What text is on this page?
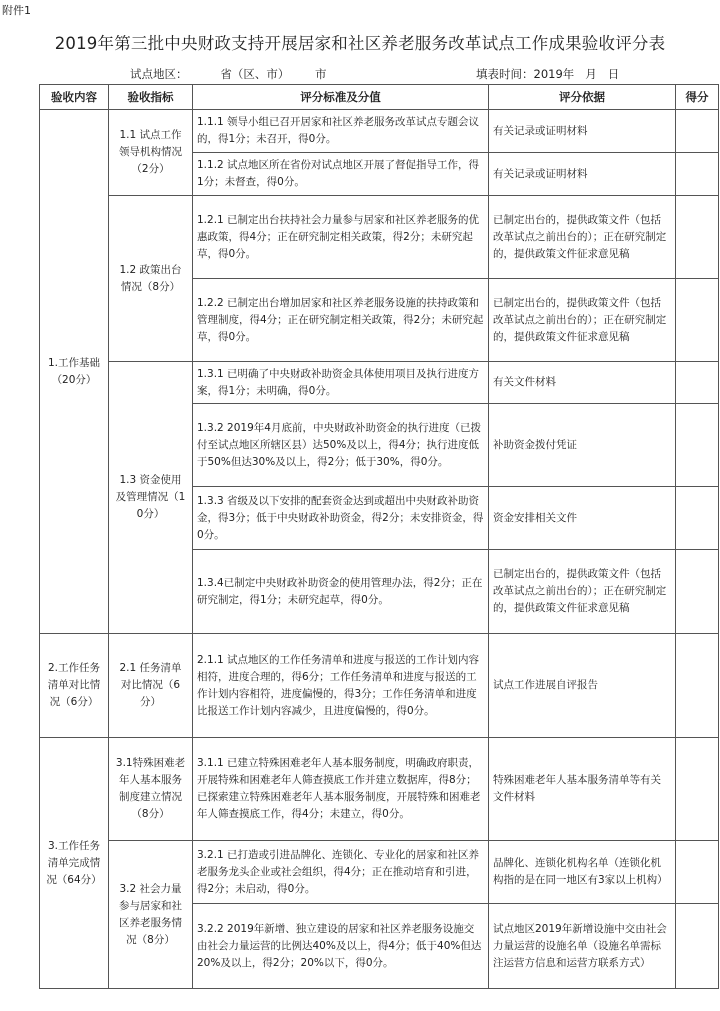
附件1
2019年第三批中央财政支持开展居家和社区养老服务改革试点工作成果验收评分表
试点地区：	省（区、市） 市	填表时间：2019年 月 日
验收内容	验收指标	评分标准及分值	评分依据	得分
1.工作基础（20分）	1.1 试点工作领导机构情况（2分）	1.1.1 领导小组已召开居家和社区养老服务改革试点专题会议的，得1分；未召开，得0分。	有关记录或证明材料	
		1.1.2 试点地区所在省份对试点地区开展了督促指导工作，得1分；未督查，得0分。	有关记录或证明材料	
	1.2 政策出台情况（8分）	1.2.1 已制定出台扶持社会力量参与居家和社区养老服务的优惠政策，得4分；正在研究制定相关政策，得2分；未研究起草，得0分。	已制定出台的，提供政策文件（包括改革试点之前出台的）；正在研究制定的，提供政策文件征求意见稿	
		1.2.2 已制定出台增加居家和社区养老服务设施的扶持政策和管理制度，得4分；正在研究制定相关政策，得2分；未研究起草，得0分。	已制定出台的，提供政策文件（包括改革试点之前出台的）；正在研究制定的，提供政策文件征求意见稿	
	1.3 资金使用及管理情况（10分）	1.3.1 已明确了中央财政补助资金具体使用项目及执行进度方案，得1分；未明确，得0分。	有关文件材料	
		1.3.2 2019年4月底前，中央财政补助资金的执行进度（已拨付至试点地区所辖区县）达50%及以上，得4分；执行进度低于50%但达30%及以上，得2分；低于30%，得0分。	补助资金拨付凭证	
		1.3.3 省级及以下安排的配套资金达到或超出中央财政补助资金，得3分；低于中央财政补助资金，得2分；未安排资金，得0分。	资金安排相关文件	
		1.3.4已制定中央财政补助资金的使用管理办法，得2分；正在研究制定，得1分；未研究起草，得0分。	已制定出台的，提供政策文件（包括改革试点之前出台的）；正在研究制定的，提供政策文件征求意见稿	
2.工作任务清单对比情况（6分）	2.1 任务清单对比情况（6分）	2.1.1 试点地区的工作任务清单和进度与报送的工作计划内容相符，进度合理的，得6分；工作任务清单和进度与报送的工作计划内容相符，进度偏慢的，得3分；工作任务清单和进度比报送工作计划内容减少，且进度偏慢的，得0分。	试点工作进展自评报告	
3.工作任务清单完成情况（64分）	3.1特殊困难老年人基本服务制度建立情况（8分）	3.1.1 已建立特殊困难老年人基本服务制度，明确政府职责，开展特殊和困难老年人筛查摸底工作并建立数据库，得8分；已探索建立特殊困难老年人基本服务制度，开展特殊和困难老年人筛查摸底工作，得4分；未建立，得0分。	特殊困难老年人基本服务清单等有关文件材料	
	3.2 社会力量参与居家和社区养老服务情况（8分）	3.2.1 已打造或引进品牌化、连锁化、专业化的居家和社区养老服务龙头企业或社会组织，得4分；正在推动培育和引进，得2分；未启动，得0分。	品牌化、连锁化机构名单（连锁化机构指的是在同一地区有3家以上机构）	
		3.2.2 2019年新增、独立建设的居家和社区养老服务设施交由社会力量运营的比例达40%及以上，得4分；低于40%但达20%及以上，得2分；20%以下，得0分。	试点地区2019年新增设施中交由社会力量运营的设施名单（设施名单需标注运营方信息和运营方联系方式）	
